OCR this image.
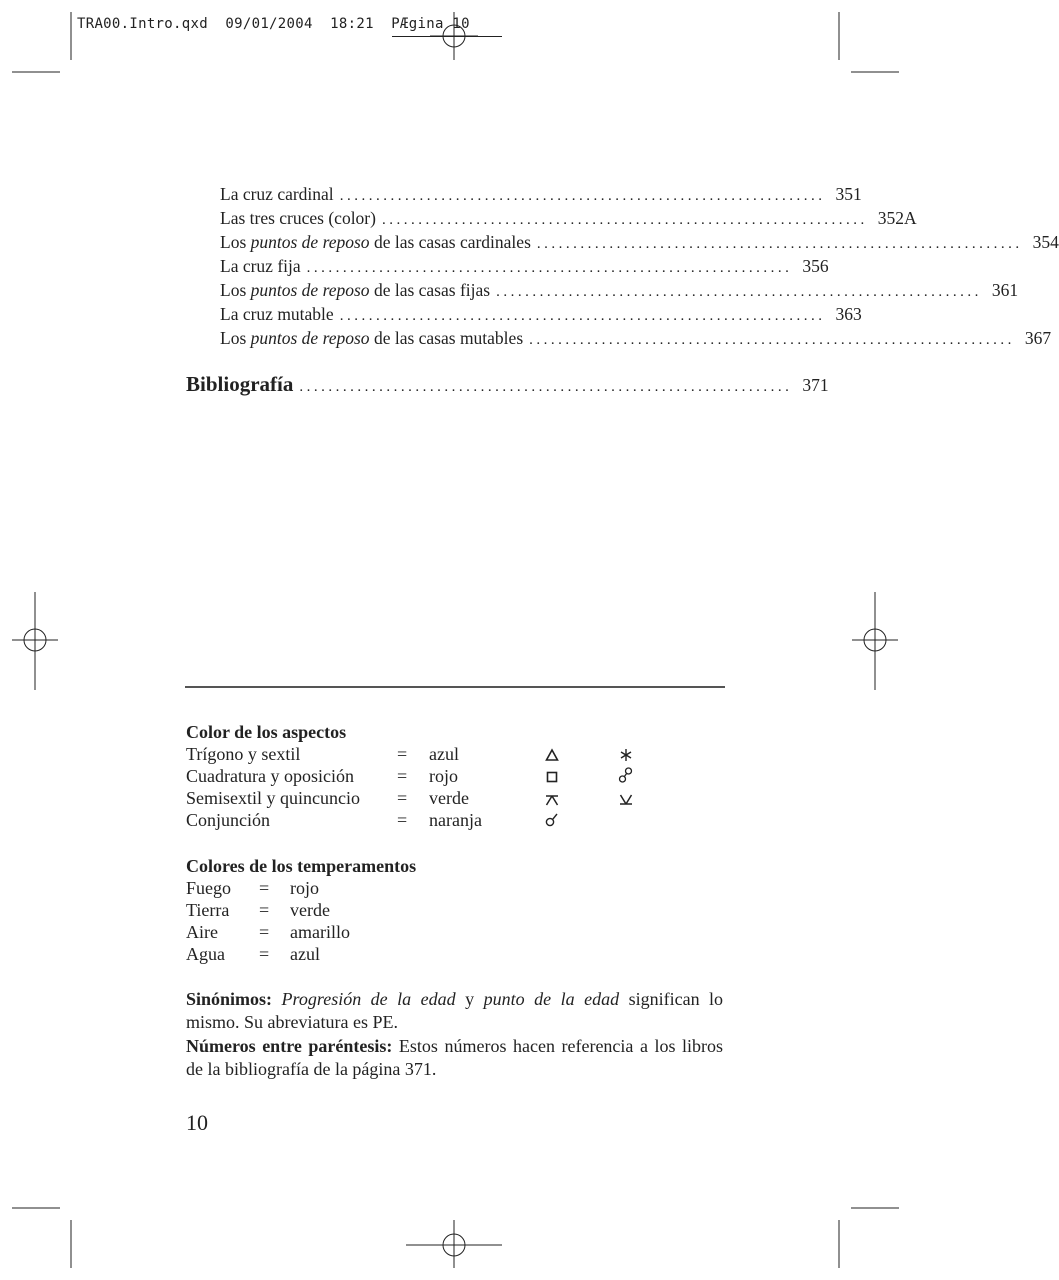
TRA00.Intro.qxd 09/01/2004 18:21 PÆgina 10
La cruz cardinal ................................................................... 351
Las tres cruces (color) ................................................................... 352A
Los puntos de reposo de las casas cardinales ................................................................... 354
La cruz fija ................................................................... 356
Los puntos de reposo de las casas fijas ................................................................... 361
La cruz mutable ................................................................... 363
Los puntos de reposo de las casas mutables ................................................................... 367
Bibliografía .................................................................... 371
Color de los aspectos
Trígono y sextil	= azul
Cuadratura y oposición = rojo
Semisextil y quincuncio = verde
Conjunción	= naranja
Colores de los temperamentos
Fuego = rojo
Tierra = verde
Aire = amarillo
Agua = azul
Sinónimos: Progresión de la edad y punto de la edad significan lo mismo. Su abreviatura es PE.
Números entre paréntesis: Estos números hacen referencia a los libros de la bibliografía de la página 371.
10
